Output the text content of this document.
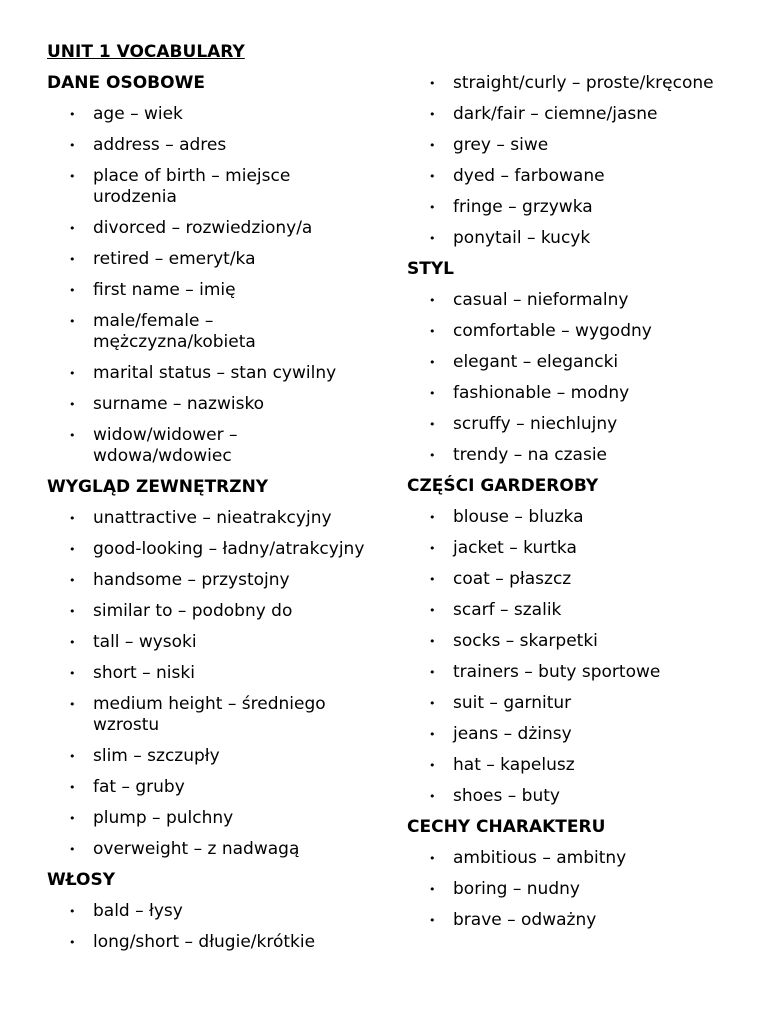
UNIT 1 VOCABULARY
DANE OSOBOWE
• age – wiek
• address – adres
• place of birth – miejsce urodzenia
• divorced – rozwiedziony/a
• retired – emeryt/ka
• first name – imię
• male/female – mężczyzna/kobieta
• marital status – stan cywilny
• surname – nazwisko
• widow/widower – wdowa/wdowiec
WYGLĄD ZEWNĘTRZNY
• unattractive – nieatrakcyjny
• good-looking – ładny/atrakcyjny
• handsome – przystojny
• similar to – podobny do
• tall – wysoki
• short – niski
• medium height – średniego wzrostu
• slim – szczupły
• fat – gruby
• plump – pulchny
• overweight – z nadwagą
WŁOSY
• bald – łysy
• long/short – długie/krótkie
• straight/curly – proste/kręcone
• dark/fair – ciemne/jasne
• grey – siwe
• dyed – farbowane
• fringe – grzywka
• ponytail – kucyk
STYL
• casual – nieformalny
• comfortable – wygodny
• elegant – elegancki
• fashionable – modny
• scruffy – niechlujny
• trendy – na czasie
CZĘŚCI GARDEROBY
• blouse – bluzka
• jacket – kurtka
• coat – płaszcz
• scarf – szalik
• socks – skarpetki
• trainers – buty sportowe
• suit – garnitur
• jeans – dżinsy
• hat – kapelusz
• shoes – buty
CECHY CHARAKTERU
• ambitious – ambitny
• boring – nudny
• brave – odważny
